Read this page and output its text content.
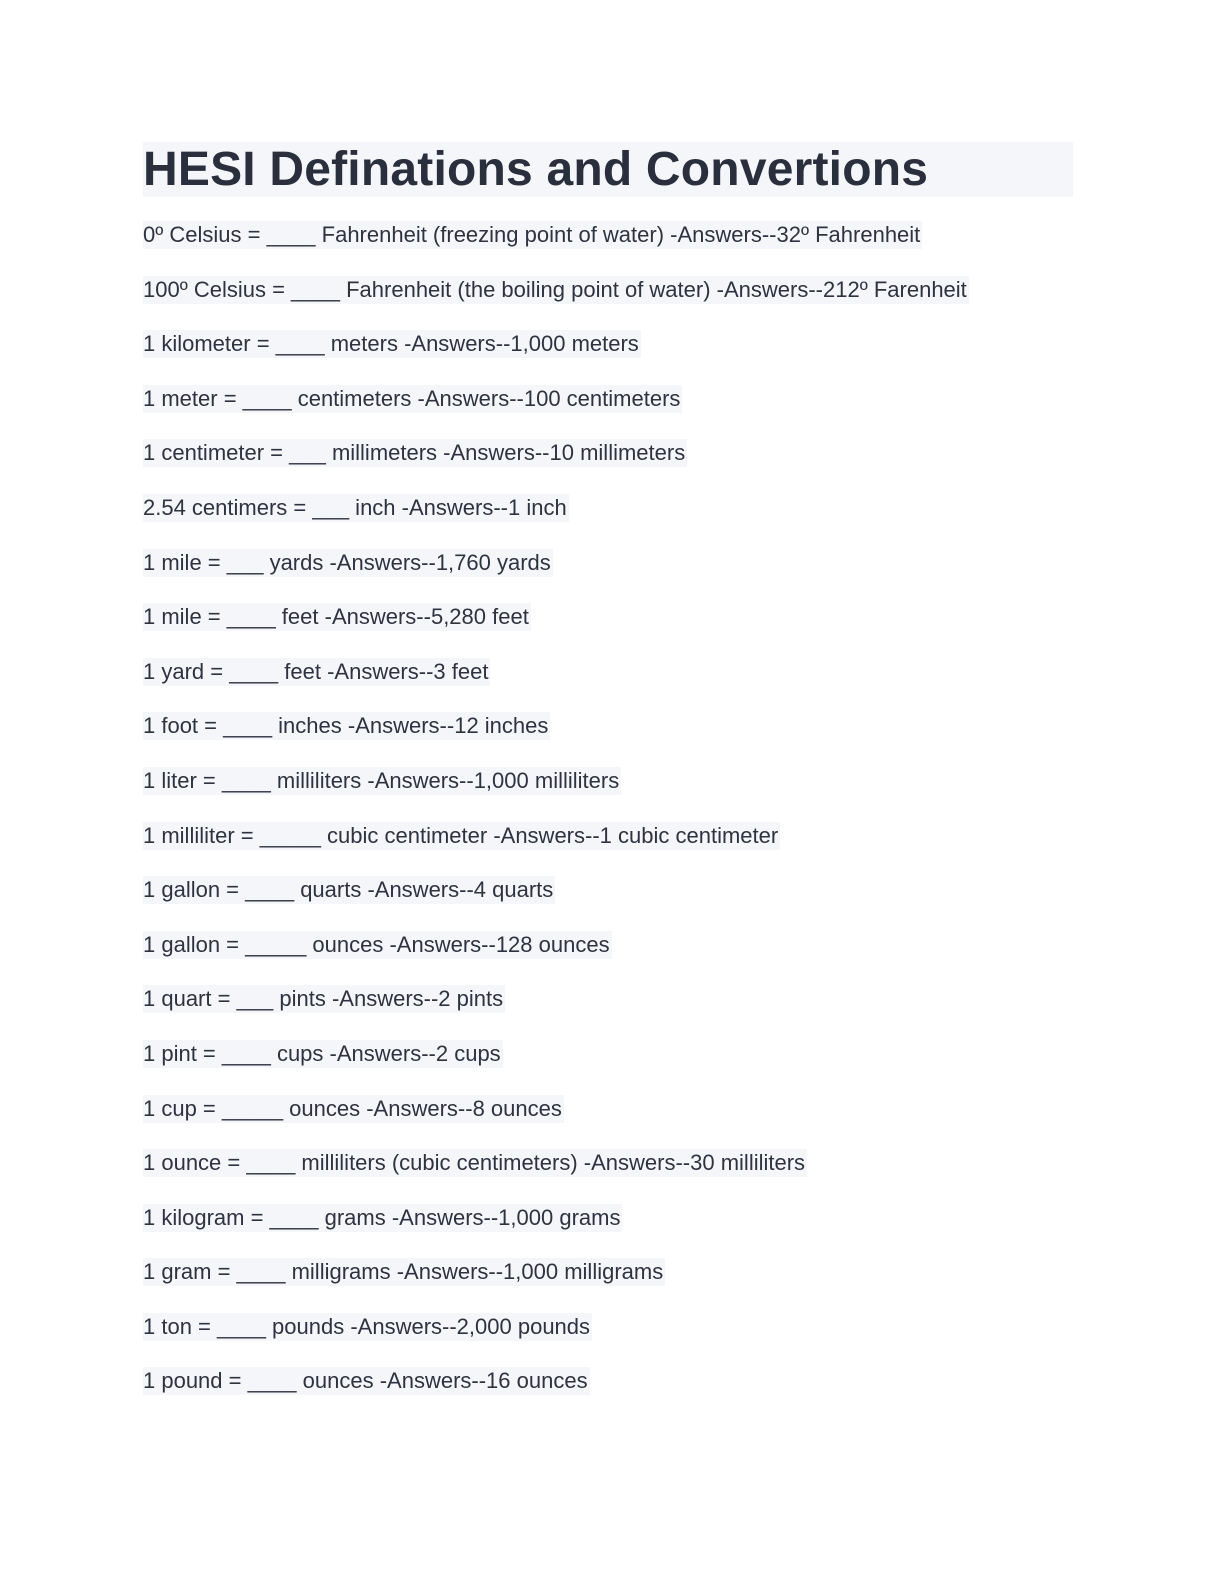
HESI Definations and Convertions
0º Celsius = ____ Fahrenheit (freezing point of water) -Answers--32º Fahrenheit
100º Celsius = ____ Fahrenheit (the boiling point of water) -Answers--212º Farenheit
1 kilometer = ____ meters -Answers--1,000 meters
1 meter = ____ centimeters -Answers--100 centimeters
1 centimeter = ___ millimeters -Answers--10 millimeters
2.54 centimers = ___ inch -Answers--1 inch
1 mile = ___ yards -Answers--1,760 yards
1 mile = ____ feet -Answers--5,280 feet
1 yard = ____ feet -Answers--3 feet
1 foot = ____ inches -Answers--12 inches
1 liter = ____ milliliters -Answers--1,000 milliliters
1 milliliter = _____ cubic centimeter -Answers--1 cubic centimeter
1 gallon = ____ quarts -Answers--4 quarts
1 gallon = _____ ounces -Answers--128 ounces
1 quart = ___ pints -Answers--2 pints
1 pint = ____ cups -Answers--2 cups
1 cup = _____ ounces -Answers--8 ounces
1 ounce = ____ milliliters (cubic centimeters) -Answers--30 milliliters
1 kilogram = ____ grams -Answers--1,000 grams
1 gram = ____ milligrams -Answers--1,000 milligrams
1 ton = ____ pounds -Answers--2,000 pounds
1 pound = ____ ounces -Answers--16 ounces
